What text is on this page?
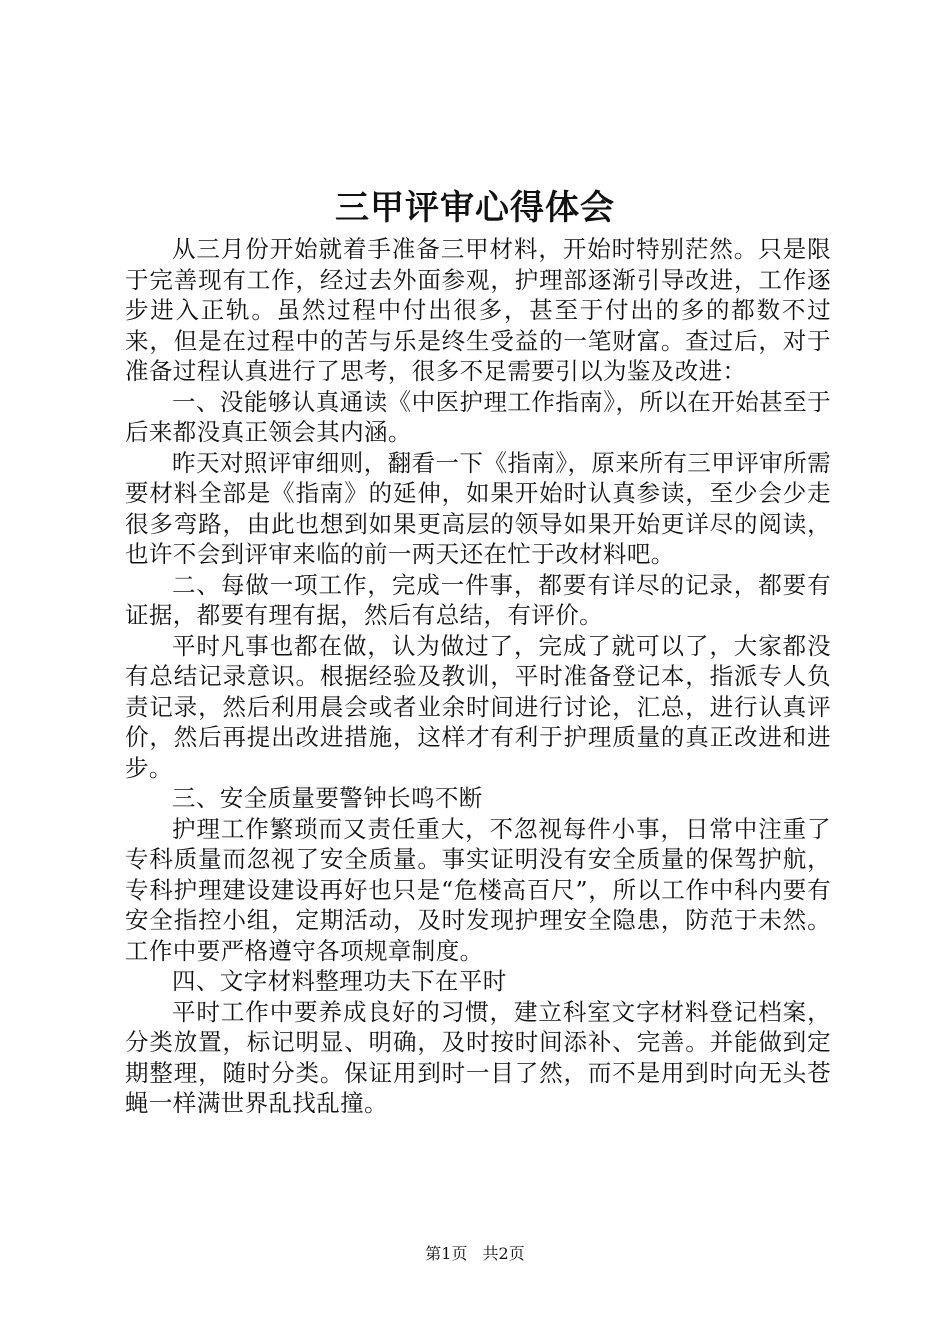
三甲评审心得体会

从三月份开始就着手准备三甲材料，开始时特别茫然。只是限于完善现有工作，经过去外面参观，护理部逐渐引导改进，工作逐步进入正轨。虽然过程中付出很多，甚至于付出的多的都数不过来，但是在过程中的苦与乐是终生受益的一笔财富。查过后，对于准备过程认真进行了思考，很多不足需要引以为鉴及改进：

一、没能够认真通读《中医护理工作指南》，所以在开始甚至于后来都没真正领会其内涵。

昨天对照评审细则，翻看一下《指南》，原来所有三甲评审所需要材料全部是《指南》的延伸，如果开始时认真参读，至少会少走很多弯路，由此也想到如果更高层的领导如果开始更详尽的阅读，也许不会到评审来临的前一两天还在忙于改材料吧。

二、每做一项工作，完成一件事，都要有详尽的记录，都要有证据，都要有理有据，然后有总结，有评价。

平时凡事也都在做，认为做过了，完成了就可以了，大家都没有总结记录意识。根据经验及教训，平时准备登记本，指派专人负责记录，然后利用晨会或者业余时间进行讨论，汇总，进行认真评价，然后再提出改进措施，这样才有利于护理质量的真正改进和进步。

三、安全质量要警钟长鸣不断

护理工作繁琐而又责任重大，不忽视每件小事，日常中注重了专科质量而忽视了安全质量。事实证明没有安全质量的保驾护航，专科护理建设建设再好也只是“危楼高百尺”，所以工作中科内要有安全指控小组，定期活动，及时发现护理安全隐患，防范于未然。工作中要严格遵守各项规章制度。

四、文字材料整理功夫下在平时

平时工作中要养成良好的习惯，建立科室文字材料登记档案，分类放置，标记明显、明确，及时按时间添补、完善。并能做到定期整理，随时分类。保证用到时一目了然，而不是用到时向无头苍蝇一样满世界乱找乱撞。

第1页 共2页
